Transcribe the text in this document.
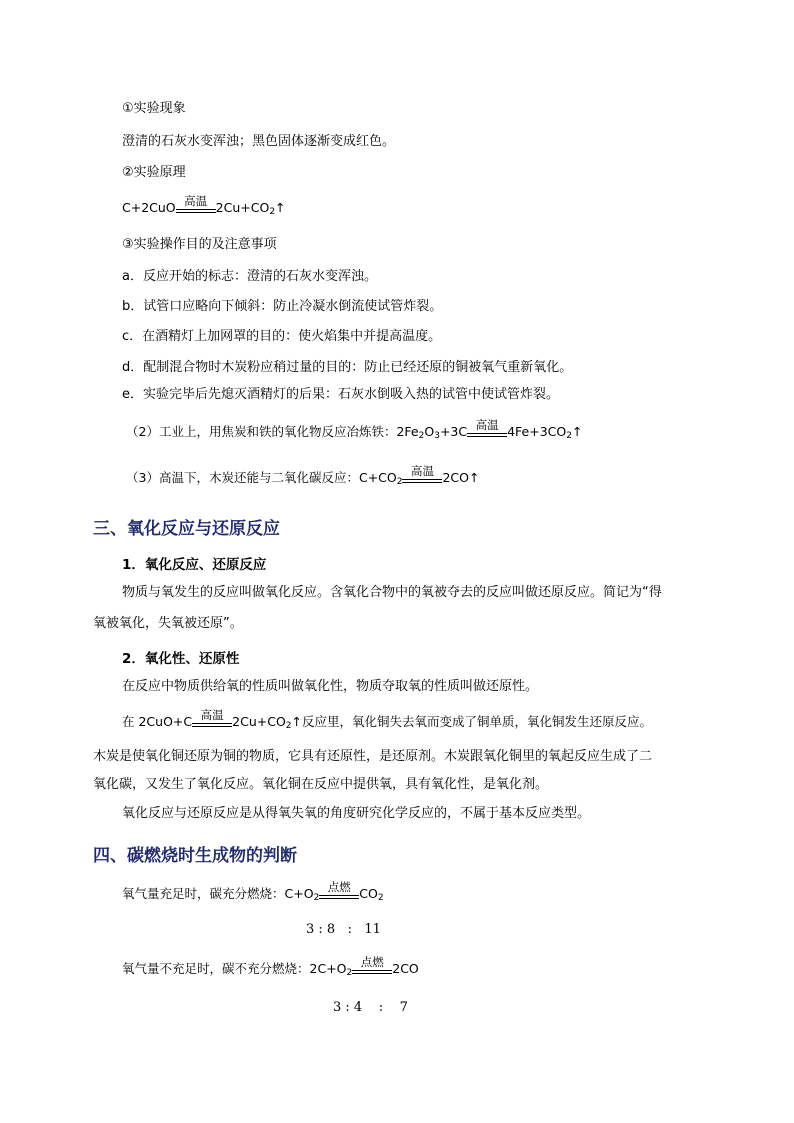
①实验现象
澄清的石灰水变浑浊；黑色固体逐渐变成红色。
②实验原理
C+2CuO 高温 $2Cu+CO_2↑$
③实验操作目的及注意事项
a．反应开始的标志：澄清的石灰水变浑浊。
b．试管口应略向下倾斜：防止冷凝水倒流使试管炸裂。
c．在酒精灯上加网罩的目的：使火焰集中并提高温度。
d．配制混合物时木炭粉应稍过量的目的：防止已经还原的铜被氧气重新氧化。
e．实验完毕后先熄灭酒精灯的后果：石灰水倒吸入热的试管中使试管炸裂。
（2）工业上，用焦炭和铁的氧化物反应冶炼铁：$2Fe_2O_3+3C$ 高温 $4Fe+3CO_2↑$
（3）高温下，木炭还能与二氧化碳反应：$C+CO_2$
高温 2CO↑
三、氧化反应与还原反应
1．氧化反应、还原反应
物质与氧发生的反应叫做氧化反应。含氧化合物中的氧被夺去的反应叫做还原反应。简记为“得
氧被氧化，失氧被还原”。
2．氧化性、还原性
在反应中物质供给氧的性质叫做氧化性，物质夺取氧的性质叫做还原性。
在 2CuO+C 高温 $2Cu+CO_2↑$反应里，氧化铜失去氧而变成了铜单质，氧化铜发生还原反应。
木炭是使氧化铜还原为铜的物质，它具有还原性，是还原剂。木炭跟氧化铜里的氧起反应生成了二
氧化碳，又发生了氧化反应。氧化铜在反应中提供氧，具有氧化性，是氧化剂。
氧化反应与还原反应是从得氧失氧的角度研究化学反应的，不属于基本反应类型。
四、碳燃烧时生成物的判断
氧气量充足时，碳充分燃烧：$C+O_2$
点燃 $CO_2$
3 : 8   :   11
氧气量不充足时，碳不充分燃烧：$2C+O_2$
点燃 2CO
3 : 4    :    7
